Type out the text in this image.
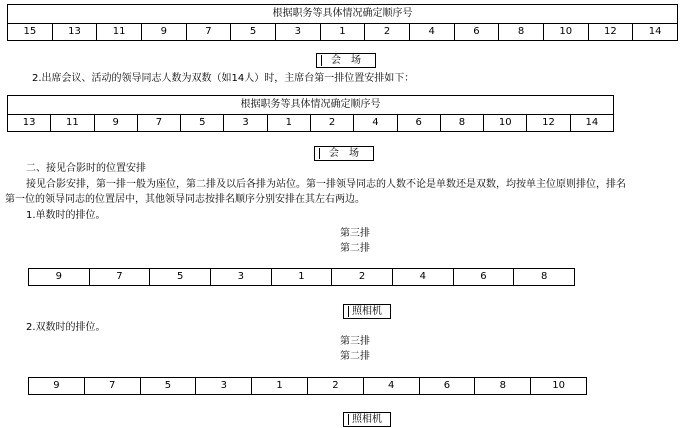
根据职务等具体情况确定顺序号
15	13	11	9	7	5	3	1	2	4	6	8	10	12	14
会　场
2.出席会议、活动的领导同志人数为双数（如14人）时，主席台第一排位置安排如下：
根据职务等具体情况确定顺序号
13	11	9	7	5	3	1	2	4	6	8	10	12	14
会　场
二、接见合影时的位置安排
接见合影安排，第一排一般为座位，第二排及以后各排为站位。第一排领导同志的人数不论是单数还是双数，均按单主位原则排位，排名
第一位的领导同志的位置居中，其他领导同志按排名顺序分别安排在其左右两边。
1.单数时的排位。
第三排
第二排
9	7	5	3	1	2	4	6	8
照相机
2.双数时的排位。
第三排
第二排
9	7	5	3	1	2	4	6	8	10
照相机
